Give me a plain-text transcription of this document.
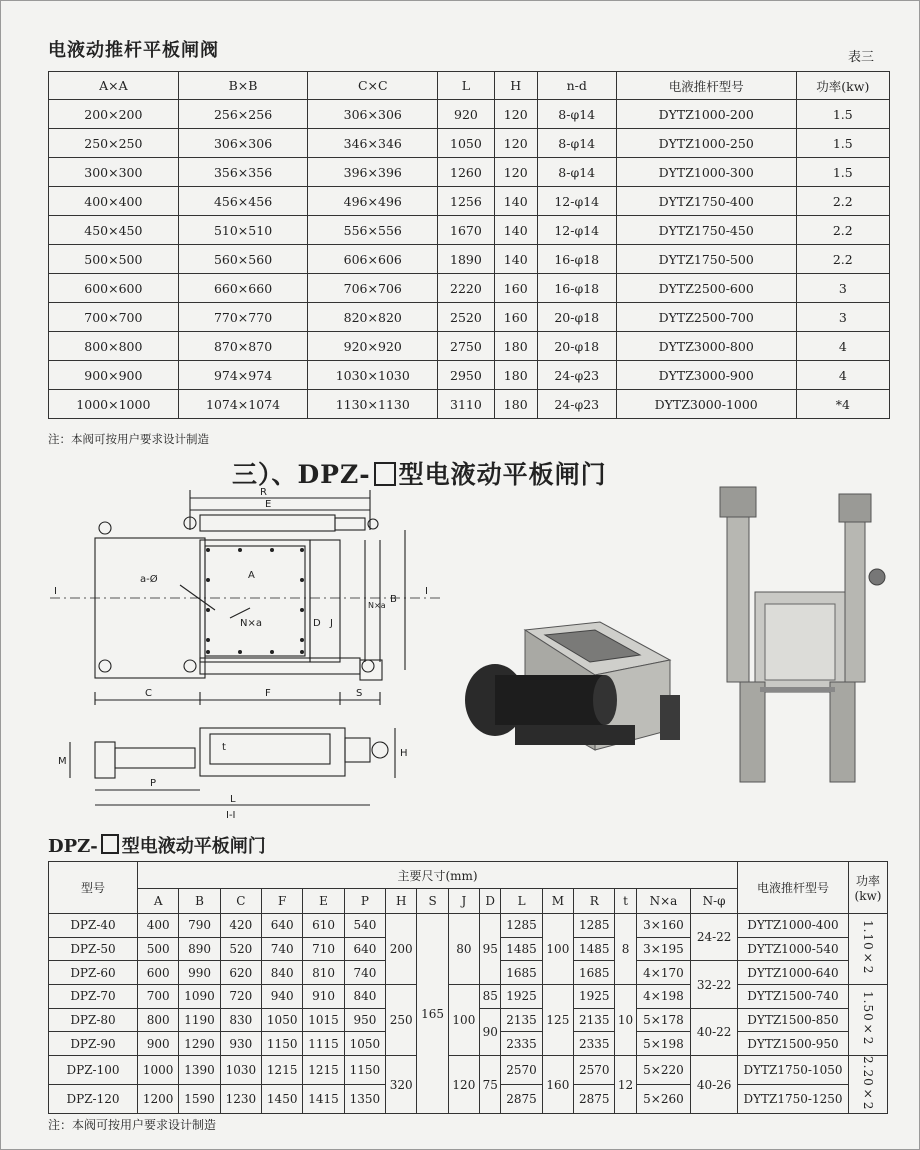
电液动推杆平板闸阀	表三
A×A	B×B	C×C	L	H	n-d	电液推杆型号	功率(kw)
200×200	256×256	306×306	920	120	8-φ14	DYTZ1000-200	1.5
250×250	306×306	346×346	1050	120	8-φ14	DYTZ1000-250	1.5
300×300	356×356	396×396	1260	120	8-φ14	DYTZ1000-300	1.5
400×400	456×456	496×496	1256	140	12-φ14	DYTZ1750-400	2.2
450×450	510×510	556×556	1670	140	12-φ14	DYTZ1750-450	2.2
500×500	560×560	606×606	1890	140	16-φ18	DYTZ1750-500	2.2
600×600	660×660	706×706	2220	160	16-φ18	DYTZ2500-600	3
700×700	770×770	820×820	2520	160	20-φ18	DYTZ2500-700	3
800×800	870×870	920×920	2750	180	20-φ18	DYTZ3000-800	4
900×900	974×974	1030×1030	2950	180	24-φ23	DYTZ3000-900	4
1000×1000	1074×1074	1130×1130	3110	180	24-φ23	DYTZ3000-1000	*4
注：本阀可按用户要求设计制造
三）、DPZ- 型电液动平板闸门
R
E
a-Ø	A
N×a	D J
N×a
B
I	I
C	F	S
M
H
P
t
L
I-I
DPZ- 型电液动平板闸门
型号	主要尺寸(mm)																电液推杆型号	功率(kw)
	A	B	C	F	E	P	H	S	J	D	L	M	R	t	N×a	N-φ		
DPZ-40	400	790	420	640	610	540	200	165	80	95	1285	100	1285	8	3×160	24-22	DYTZ1000-400	1.10×2
DPZ-50	500	890	520	740	710	640					1485		1485		3×195		DYTZ1000-540	
DPZ-60	600	990	620	840	810	740					1685		1685		4×170	32-22	DYTZ1000-640	
DPZ-70	700	1090	720	940	910	840	250		100	85	1925	125	1925	10	4×198		DYTZ1500-740	1.50×2
DPZ-80	800	1190	830	1050	1015	950				90	2135		2135		5×178	40-22	DYTZ1500-850	
DPZ-90	900	1290	930	1150	1115	1050					2335		2335		5×198		DYTZ1500-950	
DPZ-100	1000	1390	1030	1215	1215	1150	320		120	75	2570	160	2570	12	5×220	40-26	DYTZ1750-1050	2.20×2
DPZ-120	1200	1590	1230	1450	1415	1350					2875		2875		5×260		DYTZ1750-1250	
注：本阀可按用户要求设计制造
